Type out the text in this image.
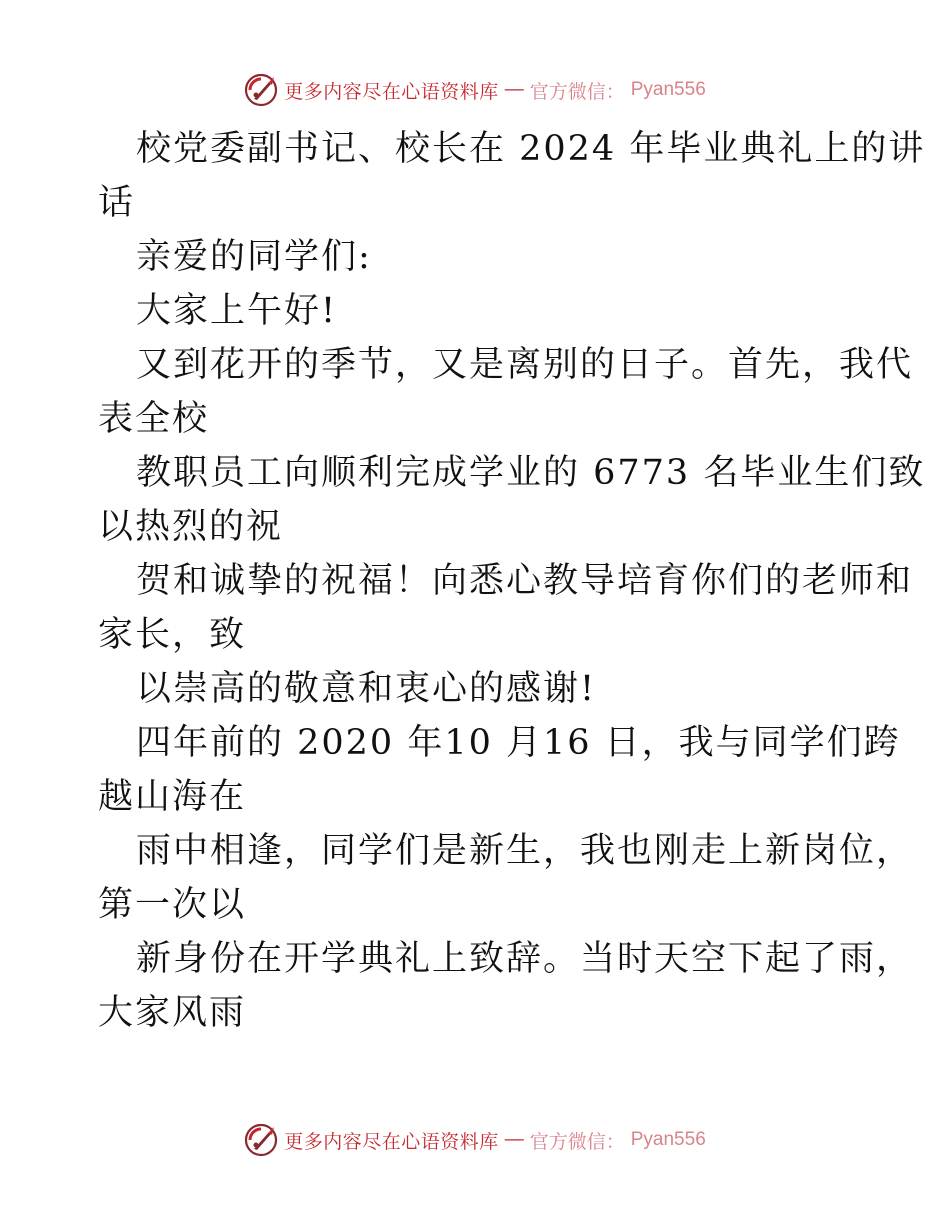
更多内容尽在心语资料库 — 官方微信： Pyan556
校党委副书记、校长在 2024 年毕业典礼上的讲
话
亲爱的同学们:
大家上午好!
又到花开的季节，又是离别的日子。首先，我代
表全校
教职员工向顺利完成学业的 6773 名毕业生们致
以热烈的祝
贺和诚挚的祝福！向悉心教导培育你们的老师和
家长，致
以崇高的敬意和衷心的感谢!
四年前的 2020 年10 月16 日，我与同学们跨
越山海在
雨中相逢，同学们是新生，我也刚走上新岗位，
第一次以
新身份在开学典礼上致辞。当时天空下起了雨，
大家风雨
更多内容尽在心语资料库 — 官方微信： Pyan556
